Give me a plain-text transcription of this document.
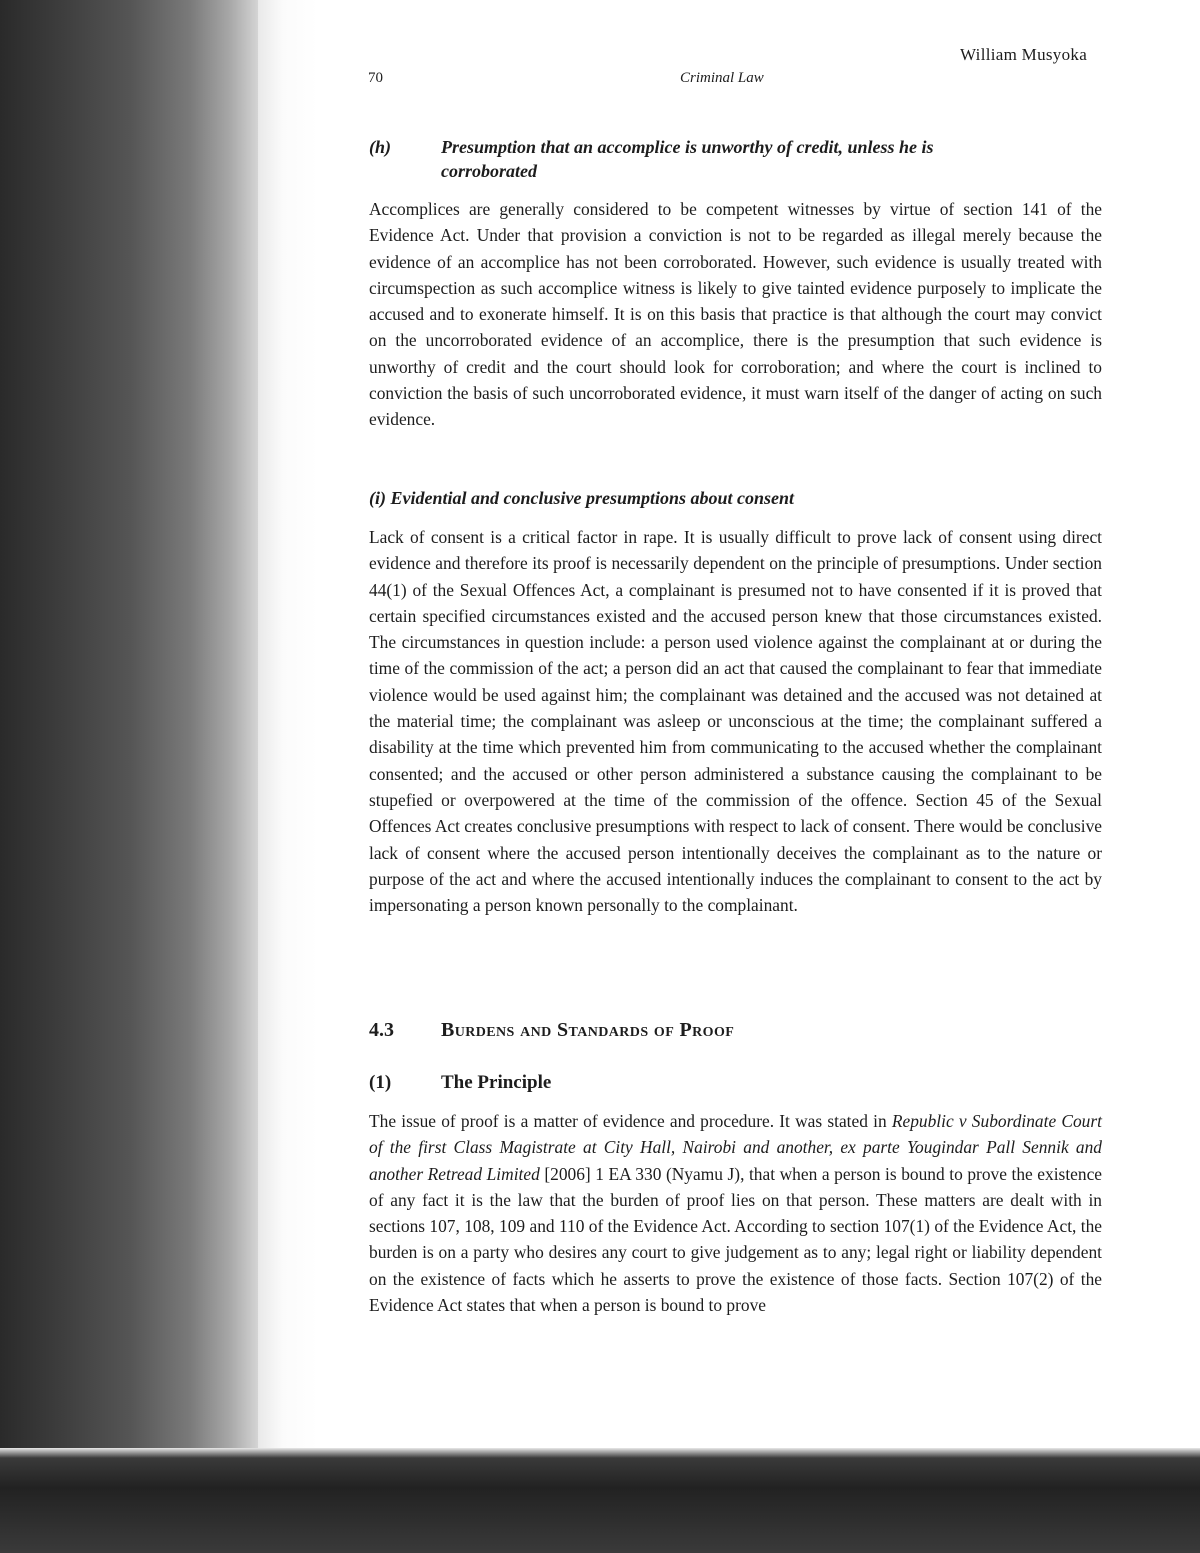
William Musyoka
70	Criminal Law
(h)	Presumption that an accomplice is unworthy of credit, unless he is
corroborated
Accomplices are generally considered to be competent witnesses by virtue of section 141 of the Evidence Act. Under that provision a conviction is not to be regarded as illegal merely because the evidence of an accomplice has not been corroborated. However, such evidence is usually treated with circumspection as such accomplice witness is likely to give tainted evidence purposely to implicate the accused and to exonerate himself. It is on this basis that practice is that although the court may convict on the uncorroborated evidence of an accomplice, there is the presumption that such evidence is unworthy of credit and the court should look for corroboration; and where the court is inclined to conviction the basis of such uncorroborated evidence, it must warn itself of the danger of acting on such evidence.
(i) Evidential and conclusive presumptions about consent
Lack of consent is a critical factor in rape. It is usually difficult to prove lack of consent using direct evidence and therefore its proof is necessarily dependent on the principle of presumptions. Under section 44(1) of the Sexual Offences Act, a complainant is presumed not to have consented if it is proved that certain specified circumstances existed and the accused person knew that those circumstances existed. The circumstances in question include: a person used violence against the complainant at or during the time of the commission of the act; a person did an act that caused the complainant to fear that immediate violence would be used against him; the complainant was detained and the accused was not detained at the material time; the complainant was asleep or unconscious at the time; the complainant suffered a disability at the time which prevented him from communicating to the accused whether the complainant consented; and the accused or other person administered a substance causing the complainant to be stupefied or overpowered at the time of the commission of the offence. Section 45 of the Sexual Offences Act creates conclusive presumptions with respect to lack of consent. There would be conclusive lack of consent where the accused person intentionally deceives the complainant as to the nature or purpose of the act and where the accused intentionally induces the complainant to consent to the act by impersonating a person known personally to the complainant.
4.3 Burdens and Standards of Proof
(1)	The Principle
The issue of proof is a matter of evidence and procedure. It was stated in Republic v Subordinate Court of the first Class Magistrate at City Hall, Nairobi and another, ex parte Yougindar Pall Sennik and another Retread Limited [2006] 1 EA 330 (Nyamu J), that when a person is bound to prove the existence of any fact it is the law that the burden of proof lies on that person. These matters are dealt with in sections 107, 108, 109 and 110 of the Evidence Act. According to section 107(1) of the Evidence Act, the burden is on a party who desires any court to give judgement as to any; legal right or liability dependent on the existence of facts which he asserts to prove the existence of those facts. Section 107(2) of the Evidence Act states that when a person is bound to prove
